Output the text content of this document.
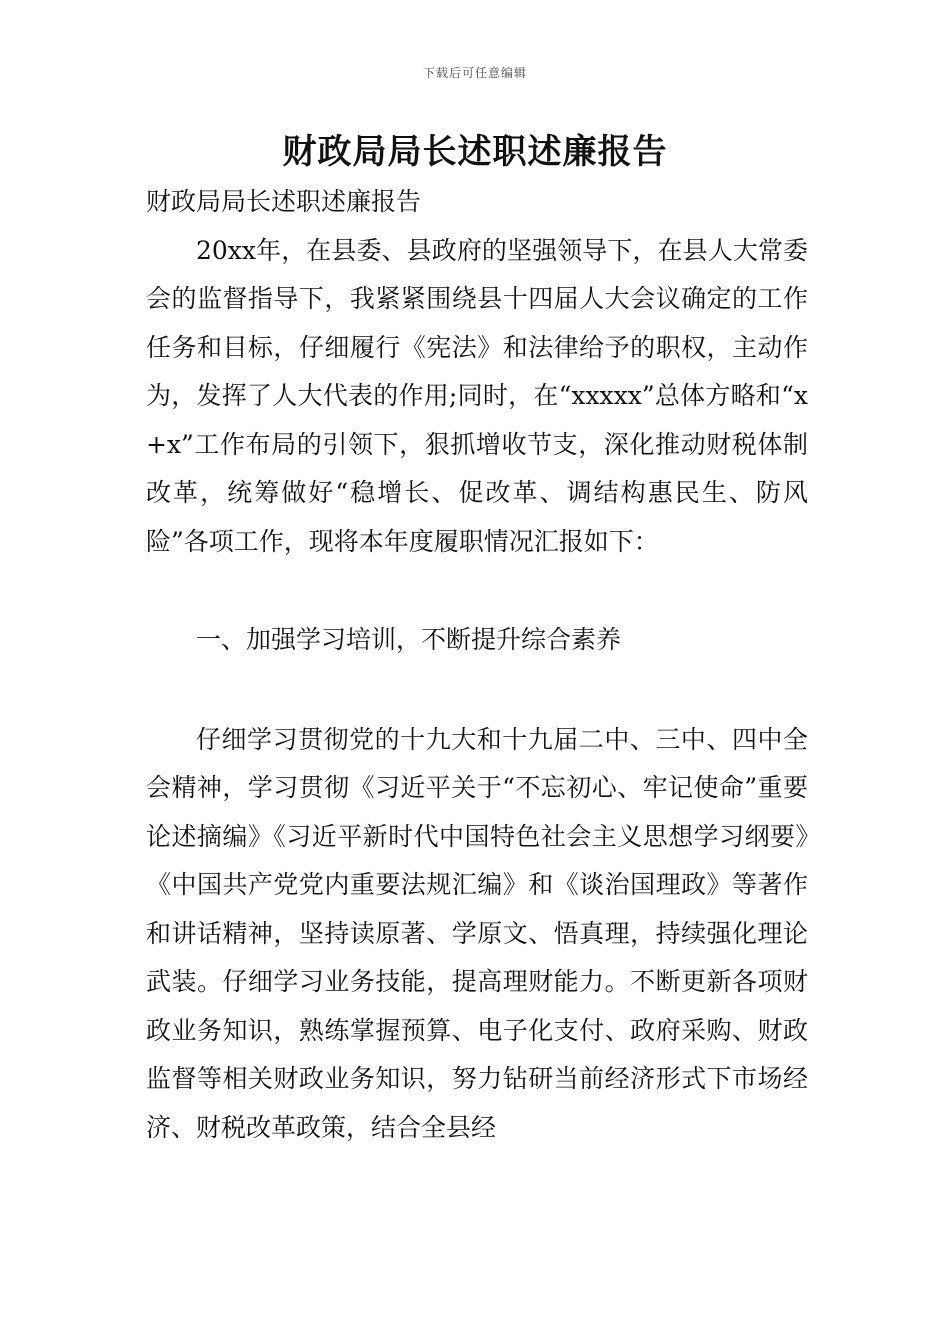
下载后可任意编辑
财政局局长述职述廉报告

财政局局长述职述廉报告

20xx年，在县委、县政府的坚强领导下，在县人大常委会的监督指导下，我紧紧围绕县十四届人大会议确定的工作任务和目标，仔细履行《宪法》和法律给予的职权，主动作为，发挥了人大代表的作用;同时，在“xxxxx”总体方略和“x+x”工作布局的引领下，狠抓增收节支，深化推动财税体制改革，统筹做好“稳增长、促改革、调结构惠民生、防风险”各项工作，现将本年度履职情况汇报如下：

一、加强学习培训，不断提升综合素养

仔细学习贯彻党的十九大和十九届二中、三中、四中全会精神，学习贯彻《习近平关于“不忘初心、牢记使命”重要论述摘编》《习近平新时代中国特色社会主义思想学习纲要》《中国共产党党内重要法规汇编》和《谈治国理政》等著作和讲话精神，坚持读原著、学原文、悟真理，持续强化理论武装。仔细学习业务技能，提高理财能力。不断更新各项财政业务知识，熟练掌握预算、电子化支付、政府采购、财政监督等相关财政业务知识，努力钻研当前经济形式下市场经济、财税改革政策，结合全县经
